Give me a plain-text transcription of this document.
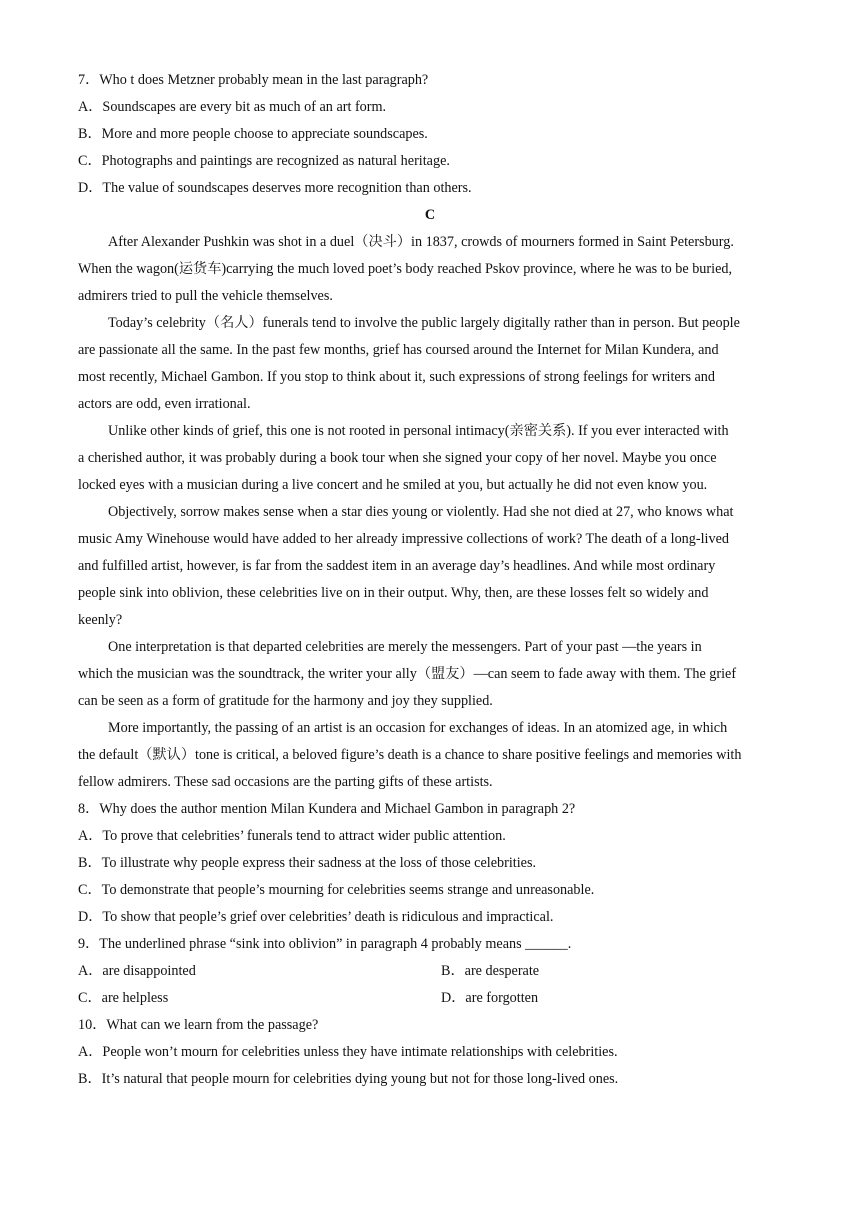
7．Who t does Metzner probably mean in the last paragraph?
A．Soundscapes are every bit as much of an art form.
B．More and more people choose to appreciate soundscapes.
C．Photographs and paintings are recognized as natural heritage.
D．The value of soundscapes deserves more recognition than others.
C
After Alexander Pushkin was shot in a duel（决斗）in 1837, crowds of mourners formed in Saint Petersburg.
When the wagon(运货车)carrying the much loved poet’s body reached Pskov province, where he was to be buried,
admirers tried to pull the vehicle themselves.
Today’s celebrity（名人）funerals tend to involve the public largely digitally rather than in person. But people
are passionate all the same. In the past few months, grief has coursed around the Internet for Milan Kundera, and
most recently, Michael Gambon. If you stop to think about it, such expressions of strong feelings for writers and
actors are odd, even irrational.
Unlike other kinds of grief, this one is not rooted in personal intimacy(亲密关系). If you ever interacted with
a cherished author, it was probably during a book tour when she signed your copy of her novel. Maybe you once
locked eyes with a musician during a live concert and he smiled at you, but actually he did not even know you.
Objectively, sorrow makes sense when a star dies young or violently. Had she not died at 27, who knows what
music Amy Winehouse would have added to her already impressive collections of work? The death of a long-lived
and fulfilled artist, however, is far from the saddest item in an average day’s headlines. And while most ordinary
people sink into oblivion, these celebrities live on in their output. Why, then, are these losses felt so widely and
keenly?
One interpretation is that departed celebrities are merely the messengers. Part of your past —the years in
which the musician was the soundtrack, the writer your ally（盟友）—can seem to fade away with them. The grief
can be seen as a form of gratitude for the harmony and joy they supplied.
More importantly, the passing of an artist is an occasion for exchanges of ideas. In an atomized age, in which
the default（默认）tone is critical, a beloved figure’s death is a chance to share positive feelings and memories with
fellow admirers. These sad occasions are the parting gifts of these artists.
8．Why does the author mention Milan Kundera and Michael Gambon in paragraph 2?
A．To prove that celebrities’ funerals tend to attract wider public attention.
B．To illustrate why people express their sadness at the loss of those celebrities.
C．To demonstrate that people’s mourning for celebrities seems strange and unreasonable.
D．To show that people’s grief over celebrities’ death is ridiculous and impractical.
9．The underlined phrase “sink into oblivion” in paragraph 4 probably means ______.
A．are disappointed	B．are desperate
C．are helpless	D．are forgotten
10．What can we learn from the passage?
A．People won’t mourn for celebrities unless they have intimate relationships with celebrities.
B．It’s natural that people mourn for celebrities dying young but not for those long-lived ones.
